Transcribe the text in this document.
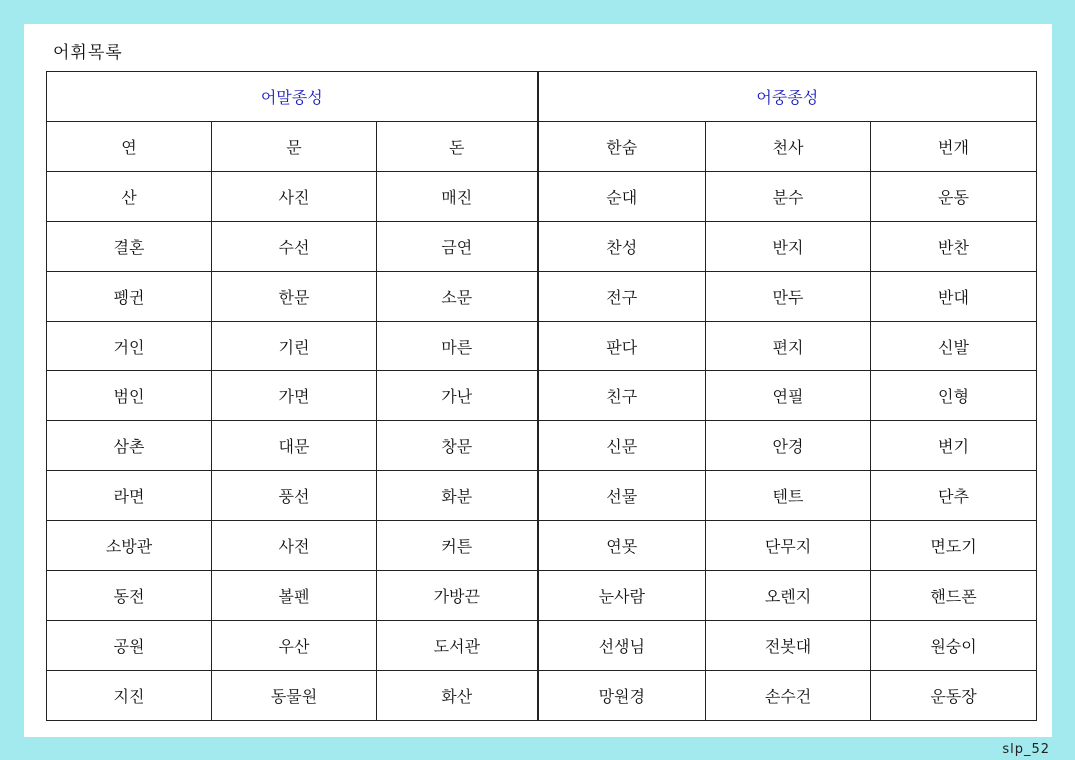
어휘목록
어말종성			어중종성		
연	문	돈	한숨	천사	번개
산	사진	매진	순대	분수	운동
결혼	수선	금연	찬성	반지	반찬
펭귄	한문	소문	전구	만두	반대
거인	기린	마른	판다	편지	신발
범인	가면	가난	친구	연필	인형
삼촌	대문	창문	신문	안경	변기
라면	풍선	화분	선물	텐트	단추
소방관	사전	커튼	연못	단무지	면도기
동전	볼펜	가방끈	눈사람	오렌지	핸드폰
공원	우산	도서관	선생님	전봇대	원숭이
지진	동물원	화산	망원경	손수건	운동장
slp_52
